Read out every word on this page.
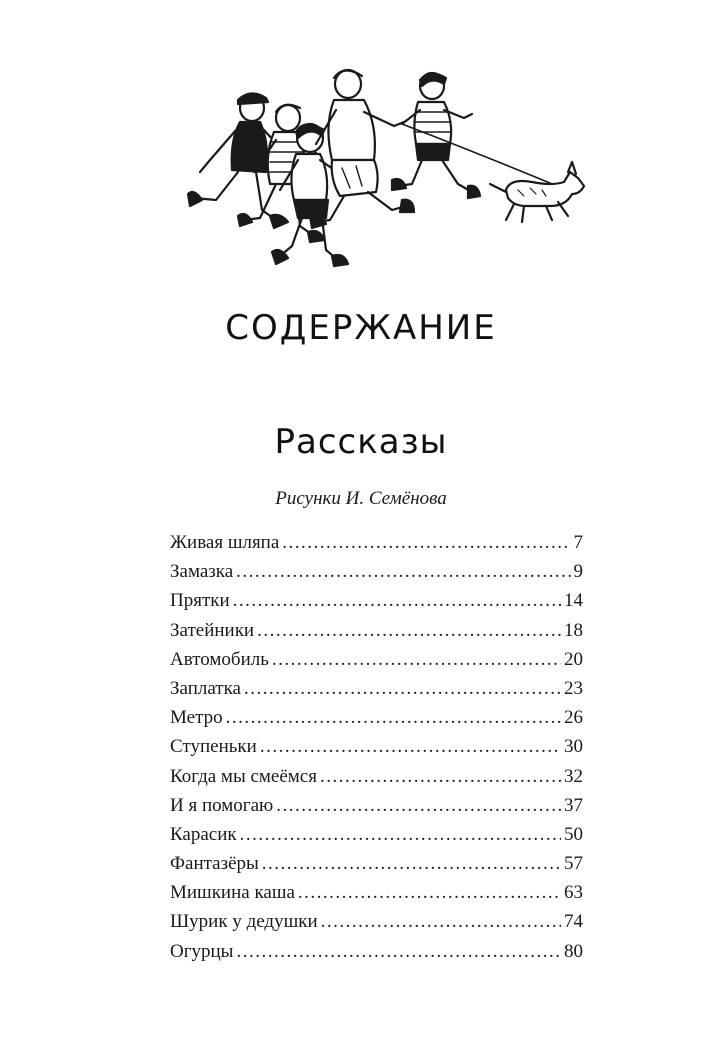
СОДЕРЖАНИЕ
Рассказы
Рисунки И. Семёнова
Живая шляпа .....	7
Замазка .....	9
Прятки .....	14
Затейники .....	18
Автомобиль .....	20
Заплатка .....	23
Метро .....	26
Ступеньки .....	30
Когда мы смеёмся .....	32
И я помогаю .....	37
Карасик .....	50
Фантазёры .....	57
Мишкина каша .....	63
Шурик у дедушки .....	74
Огурцы .....	80
